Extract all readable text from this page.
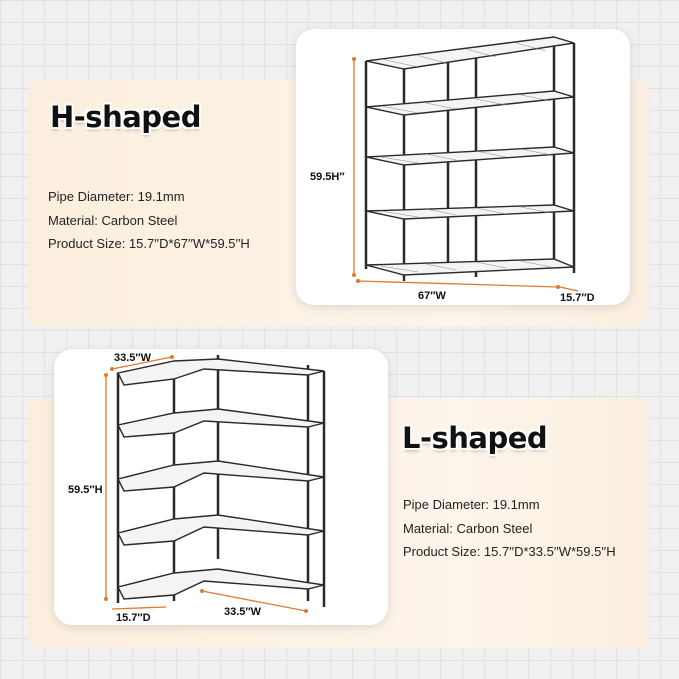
H-shaped
Pipe Diameter: 19.1mm
Material: Carbon Steel
Product Size: 15.7′′D*67′′W*59.5′′H
59.5H′′
67′′W	15.7′′D
33.5′′W
59.5′′H
15.7′′D	33.5′′W
L-shaped
Pipe Diameter: 19.1mm
Material: Carbon Steel
Product Size: 15.7′′D*33.5′′W*59.5′′H
